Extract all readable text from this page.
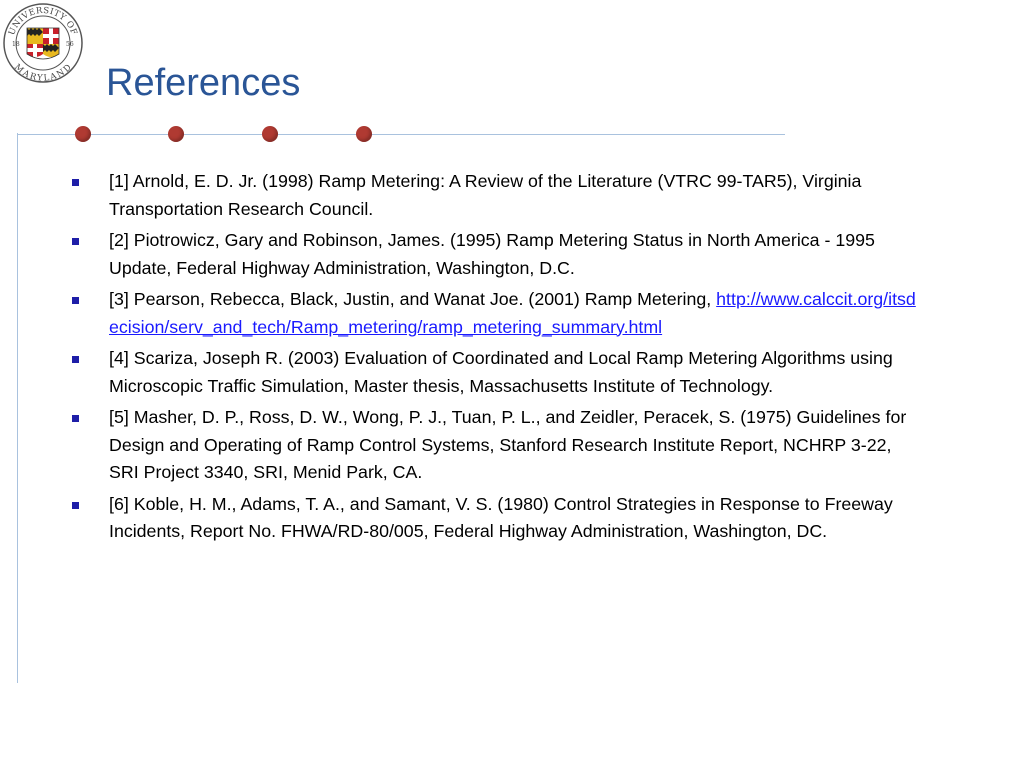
UNIVERSITY OF
MARYLAND
18	56
References
[1] Arnold, E. D. Jr. (1998) Ramp Metering: A Review of the Literature (VTRC 99-TAR5), Virginia Transportation Research Council.
[2] Piotrowicz, Gary and Robinson, James. (1995) Ramp Metering Status in North America - 1995 Update, Federal Highway Administration, Washington, D.C.
[3] Pearson, Rebecca, Black, Justin, and Wanat Joe. (2001) Ramp Metering, http://www.calccit.org/itsdecision/serv_and_tech/Ramp_metering/ramp_metering_summary.html
[4] Scariza, Joseph R. (2003) Evaluation of Coordinated and Local Ramp Metering Algorithms using Microscopic Traffic Simulation, Master thesis, Massachusetts Institute of Technology.
[5] Masher, D. P., Ross, D. W., Wong, P. J., Tuan, P. L., and Zeidler, Peracek, S. (1975) Guidelines for Design and Operating of Ramp Control Systems, Stanford Research Institute Report, NCHRP 3-22, SRI Project 3340, SRI, Menid Park, CA.
[6] Koble, H. M., Adams, T. A., and Samant, V. S. (1980) Control Strategies in Response to Freeway Incidents, Report No. FHWA/RD-80/005, Federal Highway Administration, Washington, DC.
